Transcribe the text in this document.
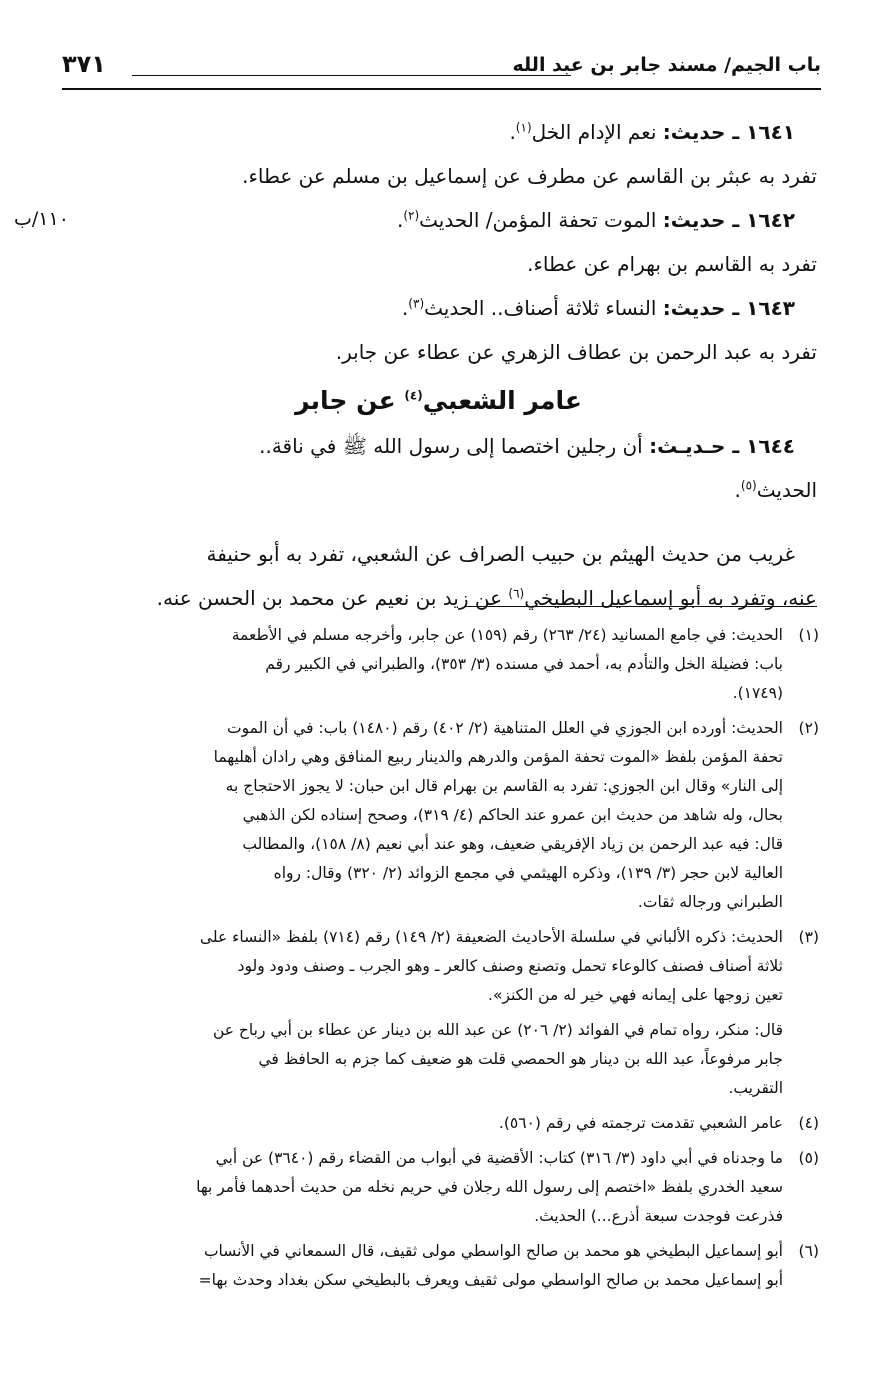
باب الجيم/ مسند جابر بن عبد الله
٣٧١
١١٠/ب
١٦٤١ ـ حديث: نعم الإدام الخل$^{(١)}$.
تفرد به عبثر بن القاسم عن مطرف عن إسماعيل بن مسلم عن عطاء.
١٦٤٢ ـ حديث: الموت تحفة المؤمن/ الحديث$^{(٢)}$.
تفرد به القاسم بن بهرام عن عطاء.
١٦٤٣ ـ حديث: النساء ثلاثة أصناف.. الحديث$^{(٣)}$.
تفرد به عبد الرحمن بن عطاف الزهري عن عطاء عن جابر.
عامر الشعبي$^{(٤)}$ عن جابر
١٦٤٤ ـ حـديـث: أن رجلين اختصما إلى رسول الله ﷺ في ناقة..
الحديث$^{(٥)}$.
غريب من حديث الهيثم بن حبيب الصراف عن الشعبي، تفرد به أبو حنيفة
عنه، وتفرد به أبو إسماعيل البطيخي$^{(٦)}$ عن زيد بن نعيم عن محمد بن الحسن عنه.
(١)
الحديث: في جامع المسانيد (٢٤/ ٢٦٣) رقم (١٥٩) عن جابر، وأخرجه مسلم في الأطعمة
باب: فضيلة الخل والتأدم به، أحمد في مسنده (٣/ ٣٥٣)، والطبراني في الكبير رقم
(١٧٤٩).
(٢)
الحديث: أورده ابن الجوزي في العلل المتناهية (٢/ ٤٠٢) رقم (١٤٨٠) باب: في أن الموت
تحفة المؤمن بلفظ «الموت تحفة المؤمن والدرهم والدينار ربيع المنافق وهي رادان أهليهما
إلى النار» وقال ابن الجوزي: تفرد به القاسم بن بهرام قال ابن حبان: لا يجوز الاحتجاج به
بحال، وله شاهد من حديث ابن عمرو عند الحاكم (٤/ ٣١٩)، وصحح إسناده لكن الذهبي
قال: فيه عبد الرحمن بن زياد الإفريقي ضعيف، وهو عند أبي نعيم (٨/ ١٥٨)، والمطالب
العالية لابن حجر (٣/ ١٣٩)، وذكره الهيثمي في مجمع الزوائد (٢/ ٣٢٠) وقال: رواه
الطبراني ورجاله ثقات.
(٣)
الحديث: ذكره الألباني في سلسلة الأحاديث الضعيفة (٢/ ١٤٩) رقم (٧١٤) بلفظ «النساء على
ثلاثة أصناف فصنف كالوعاء تحمل وتصنع وصنف كالعر ـ وهو الجرب ـ وصنف ودود ولود
تعين زوجها على إيمانه فهي خير له من الكنز».
قال: منكر، رواه تمام في الفوائد (٢/ ٢٠٦) عن عبد الله بن دينار عن عطاء بن أبي رباح عن
جابر مرفوعاً، عبد الله بن دينار هو الحمصي قلت هو ضعيف كما جزم به الحافظ في
التقريب.
(٤)
عامر الشعبي تقدمت ترجمته في رقم (٥٦٠).
(٥)
ما وجدناه في أبي داود (٣/ ٣١٦) كتاب: الأقضية في أبواب من القضاء رقم (٣٦٤٠) عن أبي
سعيد الخدري بلفظ «اختصم إلى رسول الله رجلان في حريم نخله من حديث أحدهما فأمر بها
فذرعت فوجدت سبعة أذرع...) الحديث.
(٦)
أبو إسماعيل البطيخي هو محمد بن صالح الواسطي مولى ثقيف، قال السمعاني في الأنساب
أبو إسماعيل محمد بن صالح الواسطي مولى ثقيف ويعرف بالبطيخي سكن بغداد وحدث بها=
